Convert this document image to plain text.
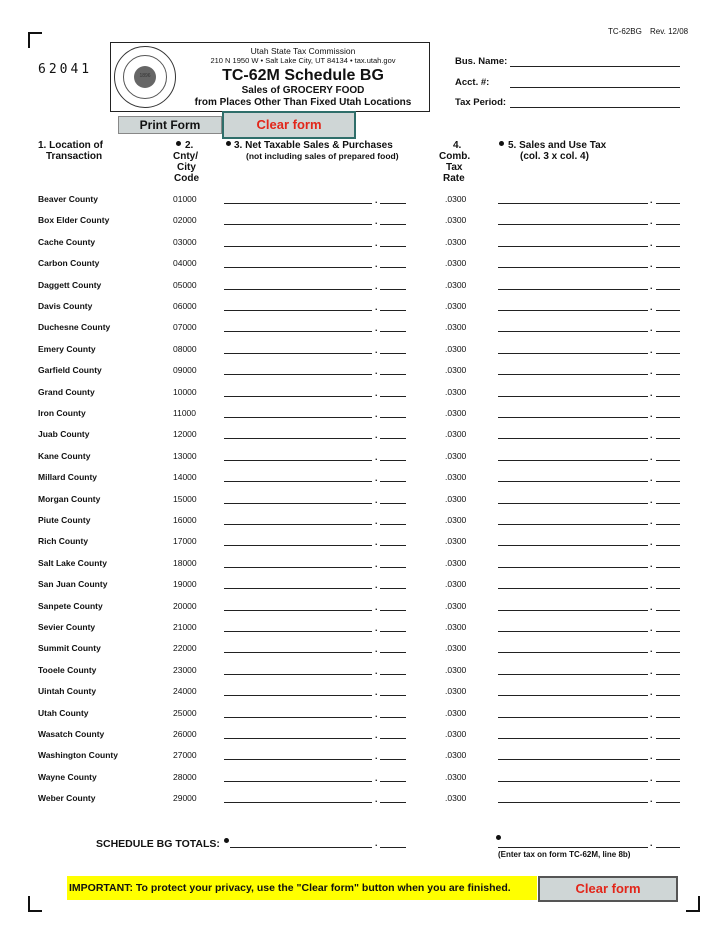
TC-62BG Rev. 12/08
62041	1896
Utah State Tax Commission
210 N 1950 W • Salt Lake City, UT 84134 • tax.utah.gov
TC-62M Schedule BG
Sales of GROCERY FOOD
from Places Other Than Fixed Utah Locations
Bus. Name:
Acct. #:
Tax Period:
Print Form	Clear form
1. Location of
Transaction
2.
Cnty/
City
Code
3. Net Taxable Sales & Purchases
(not including sales of prepared food)
4.
Comb.
Tax
Rate
5. Sales and Use Tax
(col. 3 x col. 4)
Beaver County	01000	.	.0300	.
Box Elder County	02000	.	.0300	.
Cache County	03000	.	.0300	.
Carbon County	04000	.	.0300	.
Daggett County	05000	.	.0300	.
Davis County	06000	.	.0300	.
Duchesne County	07000	.	.0300	.
Emery County	08000	.	.0300	.
Garfield County	09000	.	.0300	.
Grand County	10000	.	.0300	.
Iron County	11000	.	.0300	.
Juab County	12000	.	.0300	.
Kane County	13000	.	.0300	.
Millard County	14000	.	.0300	.
Morgan County	15000	.	.0300	.
Piute County	16000	.	.0300	.
Rich County	17000	.	.0300	.
Salt Lake County	18000	.	.0300	.
San Juan County	19000	.	.0300	.
Sanpete County	20000	.	.0300	.
Sevier County	21000	.	.0300	.
Summit County	22000	.	.0300	.
Tooele County	23000	.	.0300	.
Uintah County	24000	.	.0300	.
Utah County	25000	.	.0300	.
Wasatch County	26000	.	.0300	.
Washington County	27000	.	.0300	.
Wayne County	28000	.	.0300	.
Weber County	29000	.	.0300	.
SCHEDULE BG TOTALS:	.	.
(Enter tax on form TC-62M, line 8b)
IMPORTANT: To protect your privacy, use the "Clear form" button when you are finished.	Clear form
